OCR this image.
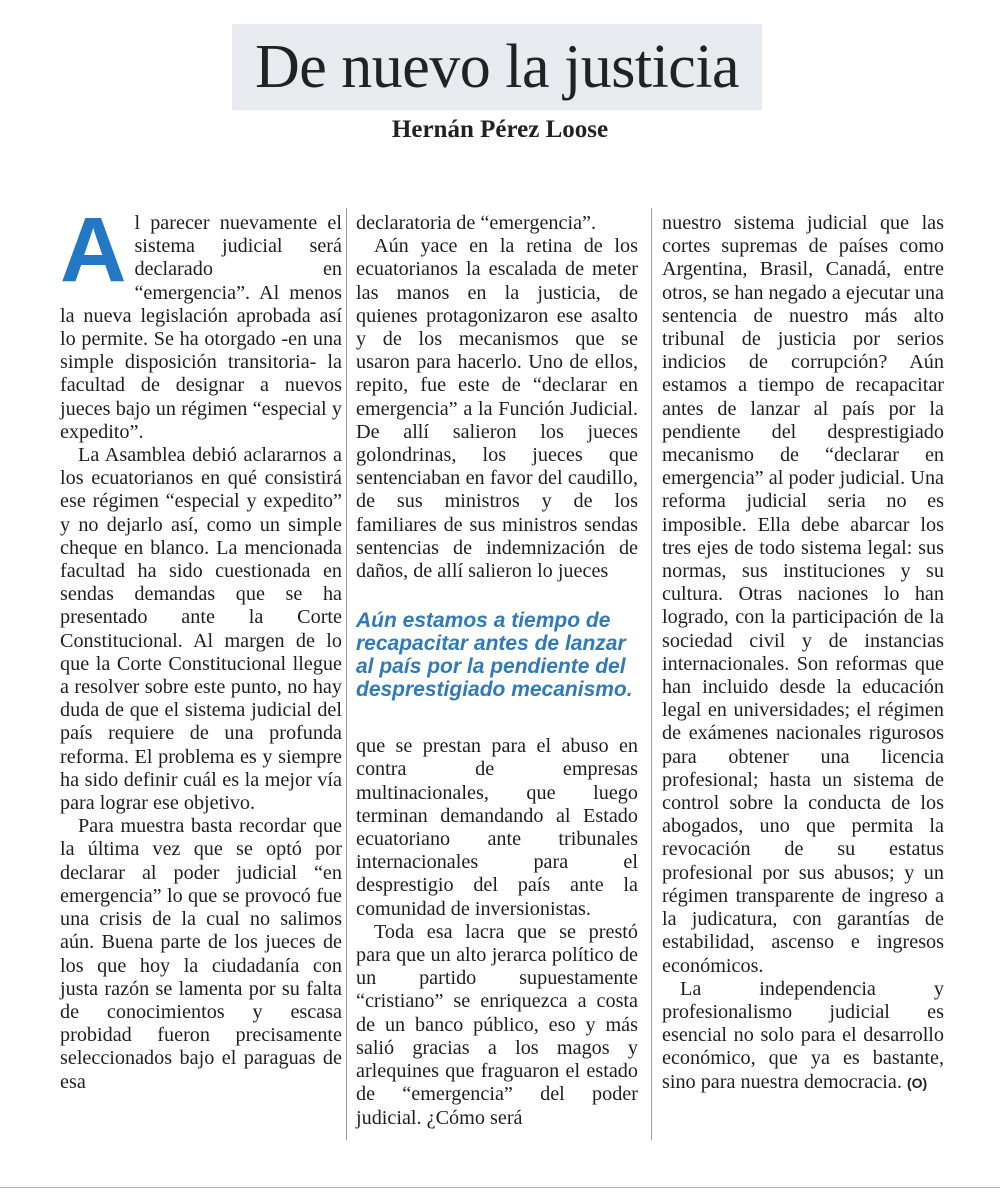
De nuevo la justicia
Hernán Pérez Loose

Al parecer nuevamente el sistema judicial será declarado en “emergencia”. Al menos la nueva legislación aprobada así lo permite. Se ha otorgado -en una simple disposición transitoria- la facultad de designar a nuevos jueces bajo un régimen “especial y expedito”.

La Asamblea debió aclararnos a los ecuatorianos en qué consistirá ese régimen “especial y expedito” y no dejarlo así, como un simple cheque en blanco. La mencionada facultad ha sido cuestionada en sendas demandas que se ha presentado ante la Corte Constitucional. Al margen de lo que la Corte Constitucional llegue a resolver sobre este punto, no hay duda de que el sistema judicial del país requiere de una profunda reforma. El problema es y siempre ha sido definir cuál es la mejor vía para lograr ese objetivo.

Para muestra basta recordar que la última vez que se optó por declarar al poder judicial “en emergencia” lo que se provocó fue una crisis de la cual no salimos aún. Buena parte de los jueces de los que hoy la ciudadanía con justa razón se lamenta por su falta de conocimientos y escasa probidad fueron precisamente seleccionados bajo el paraguas de esa

declaratoria de “emergencia”.

Aún yace en la retina de los ecuatorianos la escalada de meter las manos en la justicia, de quienes protagonizaron ese asalto y de los mecanismos que se usaron para hacerlo. Uno de ellos, repito, fue este de “declarar en emergencia” a la Función Judicial. De allí salieron los jueces golondrinas, los jueces que sentenciaban en favor del caudillo, de sus ministros y de los familiares de sus ministros sendas sentencias de indemnización de daños, de allí salieron lo jueces

Aún estamos a tiempo de recapacitar antes de lanzar al país por la pendiente del desprestigiado mecanismo.

que se prestan para el abuso en contra de empresas multinacionales, que luego terminan demandando al Estado ecuatoriano ante tribunales internacionales para el desprestigio del país ante la comunidad de inversionistas.

Toda esa lacra que se prestó para que un alto jerarca político de un partido supuestamente “cristiano” se enriquezca a costa de un banco público, eso y más salió gracias a los magos y arlequines que fraguaron el estado de “emergencia” del poder judicial. ¿Cómo será

nuestro sistema judicial que las cortes supremas de países como Argentina, Brasil, Canadá, entre otros, se han negado a ejecutar una sentencia de nuestro más alto tribunal de justicia por serios indicios de corrupción? Aún estamos a tiempo de recapacitar antes de lanzar al país por la pendiente del desprestigiado mecanismo de “declarar en emergencia” al poder judicial. Una reforma judicial seria no es imposible. Ella debe abarcar los tres ejes de todo sistema legal: sus normas, sus instituciones y su cultura. Otras naciones lo han logrado, con la participación de la sociedad civil y de instancias internacionales. Son reformas que han incluido desde la educación legal en universidades; el régimen de exámenes nacionales rigurosos para obtener una licencia profesional; hasta un sistema de control sobre la conducta de los abogados, uno que permita la revocación de su estatus profesional por sus abusos; y un régimen transparente de ingreso a la judicatura, con garantías de estabilidad, ascenso e ingresos económicos.

La independencia y profesionalismo judicial es esencial no solo para el desarrollo económico, que ya es bastante, sino para nuestra democracia. (O)
